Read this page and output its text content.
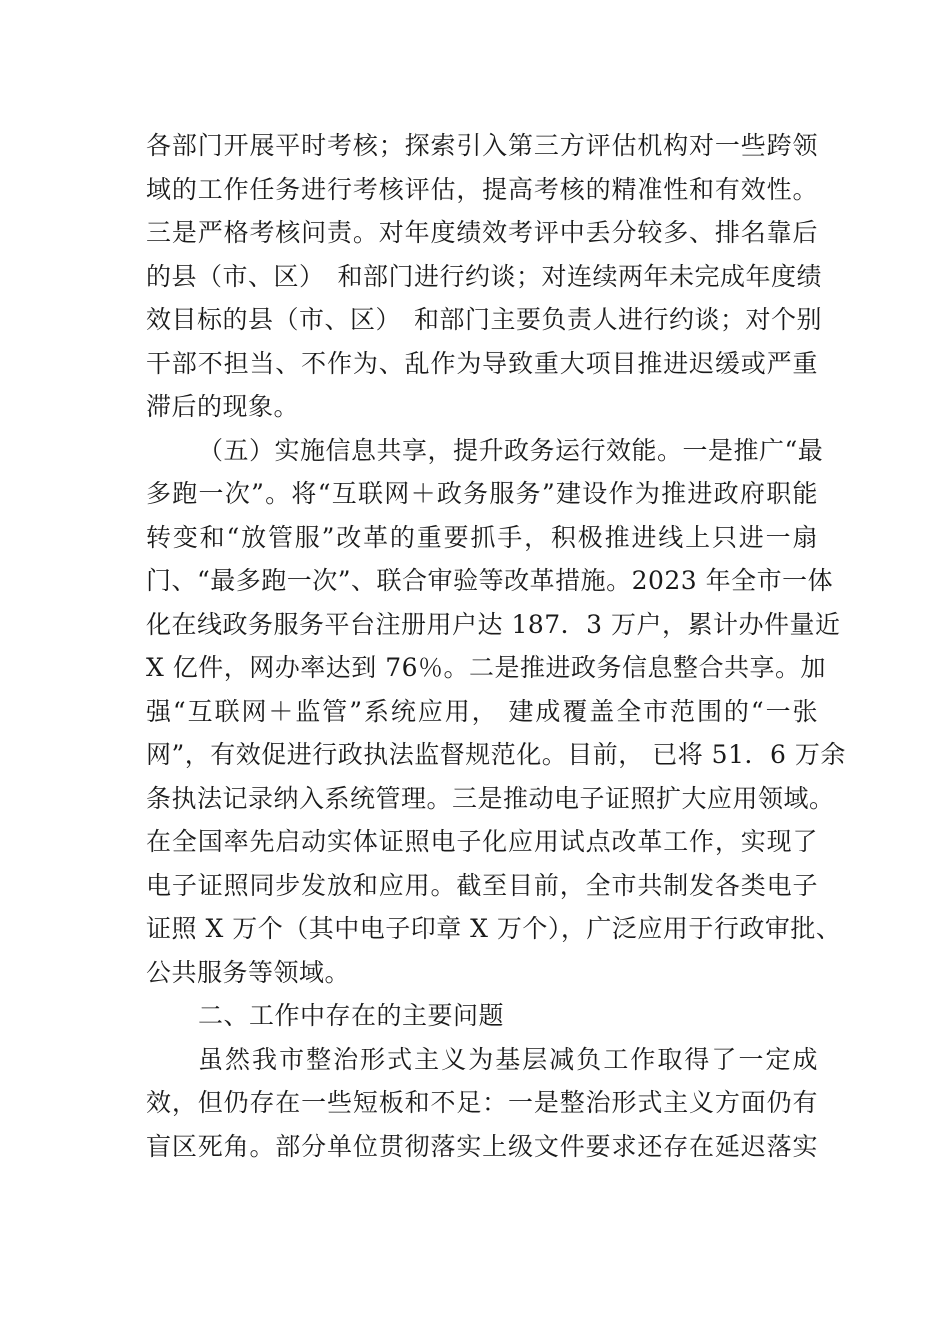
各部门开展平时考核；探索引入第三方评估机构对一些跨领
域的工作任务进行考核评估，提高考核的精准性和有效性。
三是严格考核问责。对年度绩效考评中丢分较多、排名靠后
的县（市、区）　和部门进行约谈；对连续两年未完成年度绩
效目标的县（市、区）　和部门主要负责人进行约谈；对个别
干部不担当、不作为、乱作为导致重大项目推进迟缓或严重
滞后的现象。
（五）实施信息共享，提升政务运行效能。一是推广“最
多跑一次”。将“互联网＋政务服务”建设作为推进政府职能
转变和“放管服”改革的重要抓手，积极推进线上只进一扇
门、“最多跑一次”、联合审验等改革措施。2023 年全市一体
化在线政务服务平台注册用户达 187．3 万户，累计办件量近
X 亿件，网办率达到 76％。二是推进政务信息整合共享。加
强“互联网＋监管”系统应用， 建成覆盖全市范围的“一张
网”，有效促进行政执法监督规范化。目前， 已将 51．6 万余
条执法记录纳入系统管理。三是推动电子证照扩大应用领域。
在全国率先启动实体证照电子化应用试点改革工作，实现了
电子证照同步发放和应用。截至目前，全市共制发各类电子
证照 X 万个（其中电子印章 X 万个），广泛应用于行政审批、
公共服务等领域。
二、工作中存在的主要问题
虽然我市整治形式主义为基层减负工作取得了一定成
效，但仍存在一些短板和不足：一是整治形式主义方面仍有
盲区死角。部分单位贯彻落实上级文件要求还存在延迟落实
